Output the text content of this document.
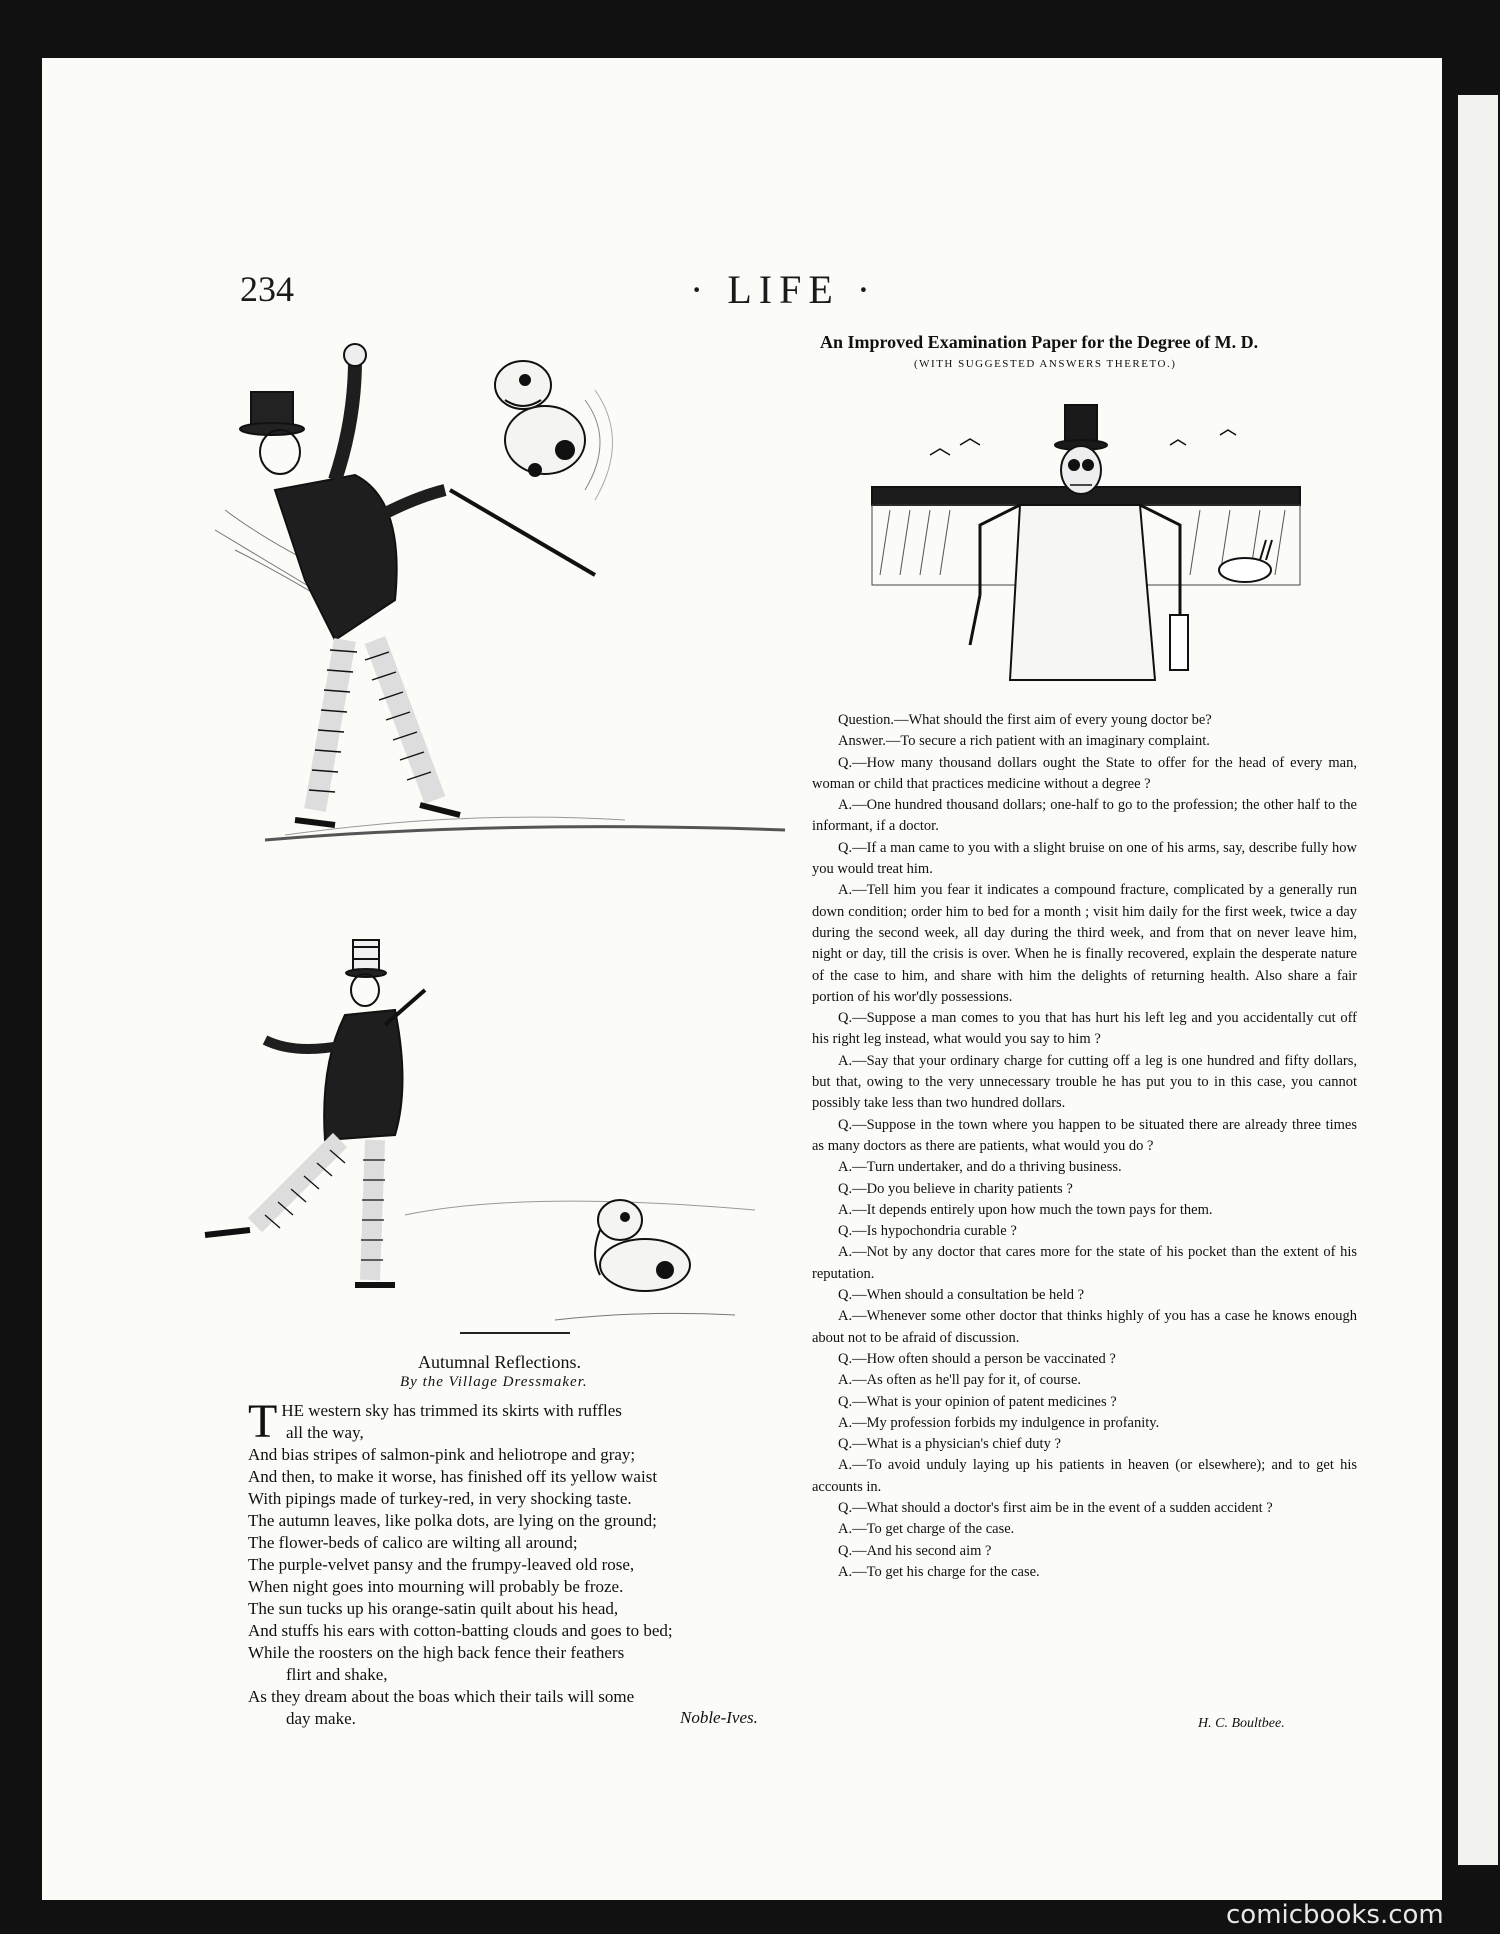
234	· LIFE ·
Autumnal Reflections.
By the Village Dressmaker.
THE western sky has trimmed its skirts with ruffles
all the way,
And bias stripes of salmon-pink and heliotrope and gray;
And then, to make it worse, has finished off its yellow waist
With pipings made of turkey-red, in very shocking taste.
The autumn leaves, like polka dots, are lying on the ground;
The flower-beds of calico are wilting all around;
The purple-velvet pansy and the frumpy-leaved old rose,
When night goes into mourning will probably be froze.
The sun tucks up his orange-satin quilt about his head,
And stuffs his ears with cotton-batting clouds and goes to bed;
While the roosters on the high back fence their feathers
flirt and shake,
As they dream about the boas which their tails will some
day make.	Noble-Ives.
An Improved Examination Paper for the Degree of M. D.
(WITH SUGGESTED ANSWERS THERETO.)

Question.—What should the first aim of every young doctor be?

Answer.—To secure a rich patient with an imaginary complaint.

Q.—How many thousand dollars ought the State to offer for the head of every man, woman or child that practices medicine without a degree ?

A.—One hundred thousand dollars; one-half to go to the profession; the other half to the informant, if a doctor.

Q.—If a man came to you with a slight bruise on one of his arms, say, describe fully how you would treat him.

A.—Tell him you fear it indicates a compound fracture, complicated by a generally run down condition; order him to bed for a month ; visit him daily for the first week, twice a day during the second week, all day during the third week, and from that on never leave him, night or day, till the crisis is over. When he is finally recovered, explain the desperate nature of the case to him, and share with him the delights of returning health. Also share a fair portion of his wor'dly possessions.

Q.—Suppose a man comes to you that has hurt his left leg and you accidentally cut off his right leg instead, what would you say to him ?

A.—Say that your ordinary charge for cutting off a leg is one hundred and fifty dollars, but that, owing to the very unnecessary trouble he has put you to in this case, you cannot possibly take less than two hundred dollars.

Q.—Suppose in the town where you happen to be situated there are already three times as many doctors as there are patients, what would you do ?

A.—Turn undertaker, and do a thriving business.

Q.—Do you believe in charity patients ?

A.—It depends entirely upon how much the town pays for them.

Q.—Is hypochondria curable ?

A.—Not by any doctor that cares more for the state of his pocket than the extent of his reputation.

Q.—When should a consultation be held ?

A.—Whenever some other doctor that thinks highly of you has a case he knows enough about not to be afraid of discussion.

Q.—How often should a person be vaccinated ?

A.—As often as he'll pay for it, of course.

Q.—What is your opinion of patent medicines ?

A.—My profession forbids my indulgence in profanity.

Q.—What is a physician's chief duty ?

A.—To avoid unduly laying up his patients in heaven (or elsewhere); and to get his accounts in.

Q.—What should a doctor's first aim be in the event of a sudden accident ?

A.—To get charge of the case.

Q.—And his second aim ?

A.—To get his charge for the case.

H. C. Boultbee.
comicbooks.com
